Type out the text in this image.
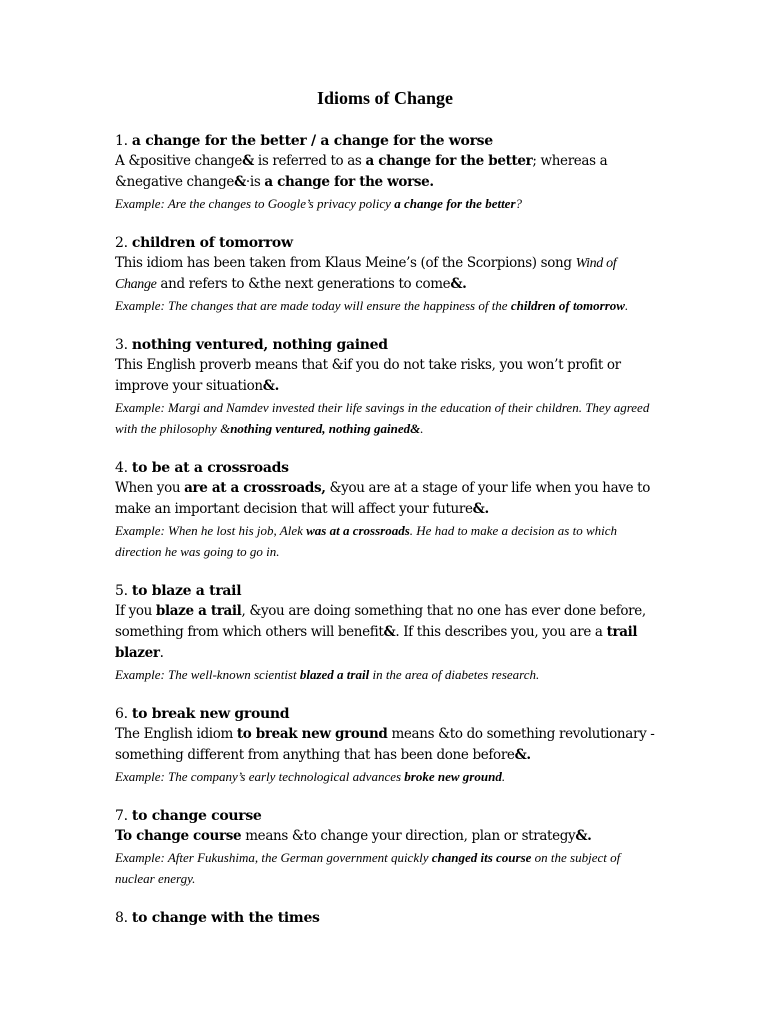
Idioms of Change

1. a change for the better / a change for the worse

A &positive change& is referred to as a change for the better; whereas a &negative change&·is a change for the worse.

Example: Are the changes to Google’s privacy policy a change for the better?

2. children of tomorrow

This idiom has been taken from Klaus Meine’s (of the Scorpions) song Wind of Change and refers to &the next generations to come&.

Example: The changes that are made today will ensure the happiness of the children of tomorrow.

3. nothing ventured, nothing gained

This English proverb means that &if you do not take risks, you won’t profit or improve your situation&.

Example: Margi and Namdev invested their life savings in the education of their children. They agreed with the philosophy &nothing ventured, nothing gained&.

4. to be at a crossroads

When you are at a crossroads, &you are at a stage of your life when you have to make an important decision that will affect your future&.

Example: When he lost his job, Alek was at a crossroads. He had to make a decision as to which direction he was going to go in.

5. to blaze a trail

If you blaze a trail, &you are doing something that no one has ever done before, something from which others will benefit&. If this describes you, you are a trail blazer.

Example: The well-known scientist blazed a trail in the area of diabetes research.

6. to break new ground

The English idiom to break new ground means &to do something revolutionary - something different from anything that has been done before&.

Example: The company’s early technological advances broke new ground.

7. to change course

To change course means &to change your direction, plan or strategy&.

Example: After Fukushima, the German government quickly changed its course on the subject of nuclear energy.

8. to change with the times
